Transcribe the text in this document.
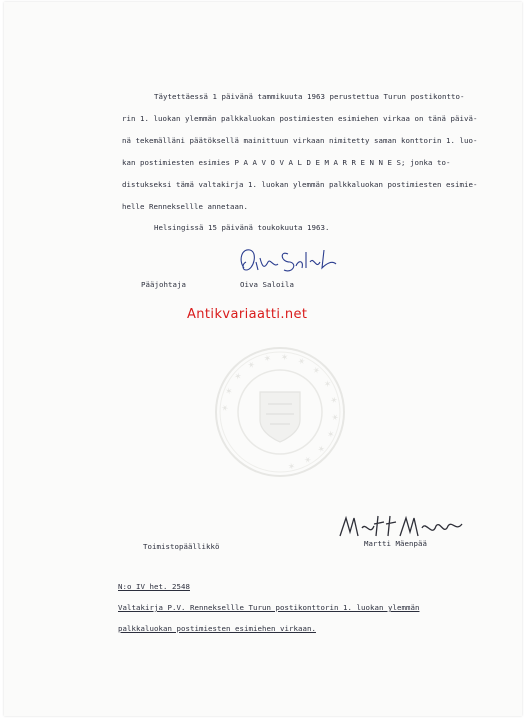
Täytettäessä 1 päivänä tammikuuta 1963 perustettua Turun postikontto-
rin 1. luokan ylemmän palkkaluokan postimiesten esimiehen virkaa on tänä päivä-
nä tekemälläni päätöksellä mainittuun virkaan nimitetty saman konttorin 1. luo-
kan postimiesten esimies P A A V O V A L D E M A R R E N N E S; jonka to-
distukseksi tämä valtakirja 1. luokan ylemmän palkkaluokan postimiesten esimie-
helle Renneksellle annetaan.
Helsingissä 15 päivänä toukokuuta 1963.
Pääjohtaja	Oiva Saloila
Antikvariaatti.net
✶ ✶ ✶ ✶ ✶ ✶ ✶ ✶ ✶ ✶ ✶ ✶ ✶ ✶ ✶
Toimistopäällikkö	Martti Mäenpää
N:o IV het. 2548
Valtakirja P.V. Renneksellle Turun postikonttorin 1. luokan ylemmän
palkkaluokan postimiesten esimiehen virkaan.
